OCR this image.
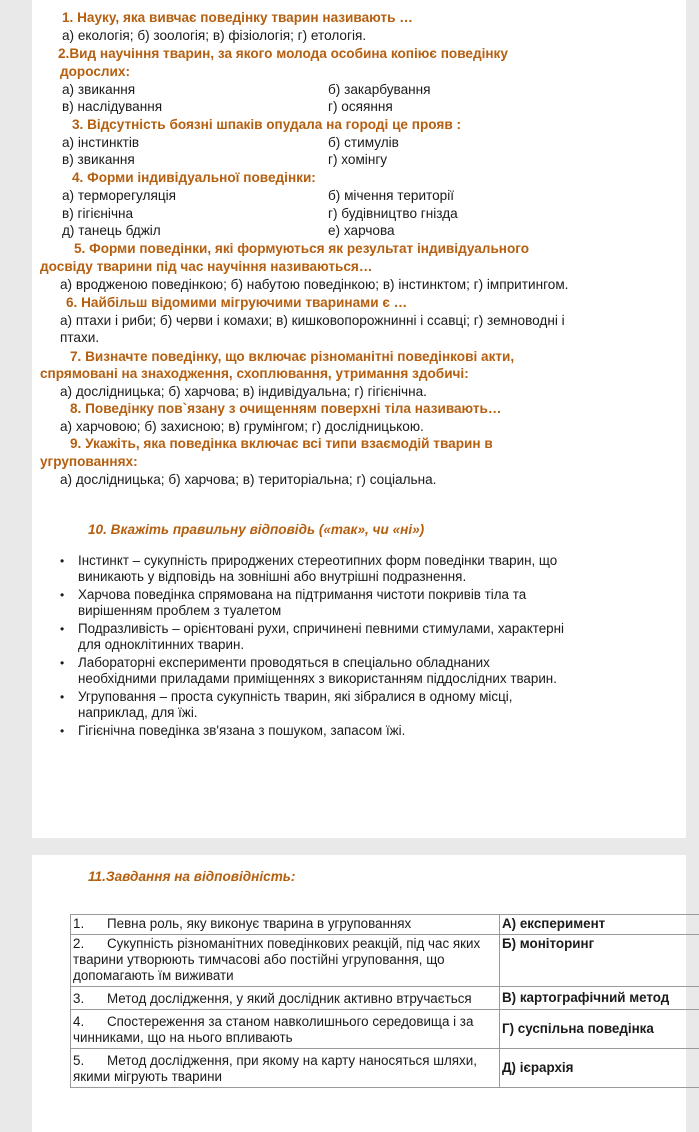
1. Науку, яка вивчає поведінку тварин називають …
а) екологія; б) зоологія; в) фізіологія; г) етологія.
2.Вид научіння тварин, за якого молода особина копіює поведінку
дорослих:
а) звикання	б) закарбування
в) наслідування	г) осяяння
3. Відсутність боязні шпаків опудала на городі це прояв :
а) інстинктів	б) стимулів
в) звикання	г) хомінгу
4. Форми індивідуальної поведінки:
а) терморегуляція	б) мічення території
в) гігієнічна	г) будівництво гнізда
д) танець бджіл	е) харчова
5. Форми поведінки, які формуються як результат індивідуального
досвіду тварини під час научіння називаються…
а) вродженою поведінкою; б) набутою поведінкою; в) інстинктом; г) імпритингом.
6. Найбільш відомими мігруючими тваринами є …
а) птахи і риби; б) черви і комахи; в) кишковопорожнинні і ссавці; г) земноводні і
птахи.
7. Визначте поведінку, що включає різноманітні поведінкові акти,
спрямовані на знаходження, схоплювання, утримання здобичі:
а) дослідницька; б) харчова; в) індивідуальна; г) гігієнічна.
8. Поведінку пов`язану з очищенням поверхні тіла називають…
а) харчовою; б) захисною; в) грумінгом; г) дослідницькою.
9. Укажіть, яка поведінка включає всі типи взаємодій тварин в
угрупованнях:
а) дослідницька; б) харчова; в) територіальна; г) соціальна.
10. Вкажіть правильну відповідь («так», чи «ні»)
• Інстинкт – сукупність природжених стереотипних форм поведінки тварин, що
виникають у відповідь на зовнішні або внутрішні подразнення.
• Харчова поведінка спрямована на підтримання чистоти покривів тіла та
вирішенням проблем з туалетом
• Подразливість – орієнтовані рухи, спричинені певними стимулами, характерні
для одноклітинних тварин.
• Лабораторні експерименти проводяться в спеціально обладнаних
необхідними приладами приміщеннях з використанням піддослідних тварин.
• Угруповання – проста сукупність тварин, які зібралися в одному місці,
наприклад, для їжі.
• Гігієнічна поведінка зв'язана з пошуком, запасом їжі.
11.Завдання на відповідність:
1. Певна роль, яку виконує тварина в угрупованнях	А) експеримент
2. Сукупність різноманітних поведінкових реакцій, під час яких тварини утворюють тимчасові або постійні угруповання, що допомагають їм виживати	Б) моніторинг
3. Метод дослідження, у який дослідник активно втручається	В) картографічний метод
4. Спостереження за станом навколишнього середовища і за чинниками, що на нього впливають	Г) суспільна поведінка
5. Метод дослідження, при якому на карту наносяться шляхи, якими мігрують тварини	Д) ієрархія
